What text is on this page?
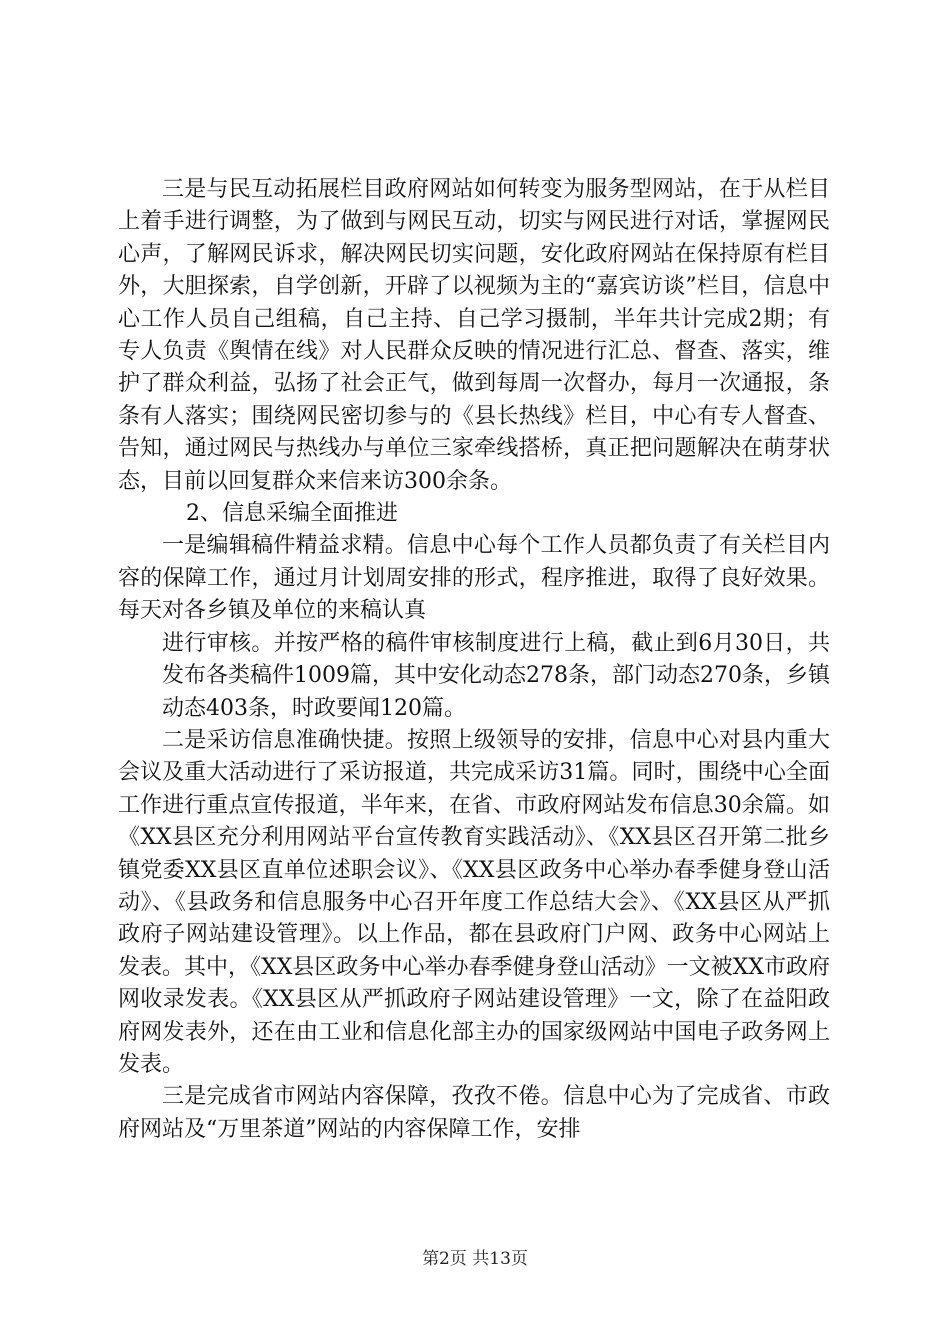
三是与民互动拓展栏目政府网站如何转变为服务型网站，在于从栏目上着手进行调整，为了做到与网民互动，切实与网民进行对话，掌握网民心声，了解网民诉求，解决网民切实问题，安化政府网站在保持原有栏目外，大胆探索，自学创新，开辟了以视频为主的“嘉宾访谈”栏目，信息中心工作人员自己组稿，自己主持、自己学习摄制，半年共计完成2期；有专人负责《舆情在线》对人民群众反映的情况进行汇总、督查、落实，维护了群众利益，弘扬了社会正气，做到每周一次督办，每月一次通报，条条有人落实；围绕网民密切参与的《县长热线》栏目，中心有专人督查、告知，通过网民与热线办与单位三家牵线搭桥，真正把问题解决在萌芽状态，目前以回复群众来信来访300余条。

2、信息采编全面推进

一是编辑稿件精益求精。信息中心每个工作人员都负责了有关栏目内容的保障工作，通过月计划周安排的形式，程序推进，取得了良好效果。每天对各乡镇及单位的来稿认真

进行审核。并按严格的稿件审核制度进行上稿，截止到6月30日，共发布各类稿件1009篇，其中安化动态278条，部门动态270条，乡镇动态403条，时政要闻120篇。

二是采访信息准确快捷。按照上级领导的安排，信息中心对县内重大会议及重大活动进行了采访报道，共完成采访31篇。同时，围绕中心全面工作进行重点宣传报道，半年来，在省、市政府网站发布信息30余篇。如《XX县区充分利用网站平台宣传教育实践活动》、《XX县区召开第二批乡镇党委XX县区直单位述职会议》、《XX县区政务中心举办春季健身登山活动》、《县政务和信息服务中心召开年度工作总结大会》、《XX县区从严抓政府子网站建设管理》。以上作品，都在县政府门户网、政务中心网站上发表。其中，《XX县区政务中心举办春季健身登山活动》一文被XX市政府网收录发表。《XX县区从严抓政府子网站建设管理》一文，除了在益阳政府网发表外，还在由工业和信息化部主办的国家级网站中国电子政务网上发表。

三是完成省市网站内容保障，孜孜不倦。信息中心为了完成省、市政府网站及“万里茶道”网站的内容保障工作，安排

第2页 共13页
